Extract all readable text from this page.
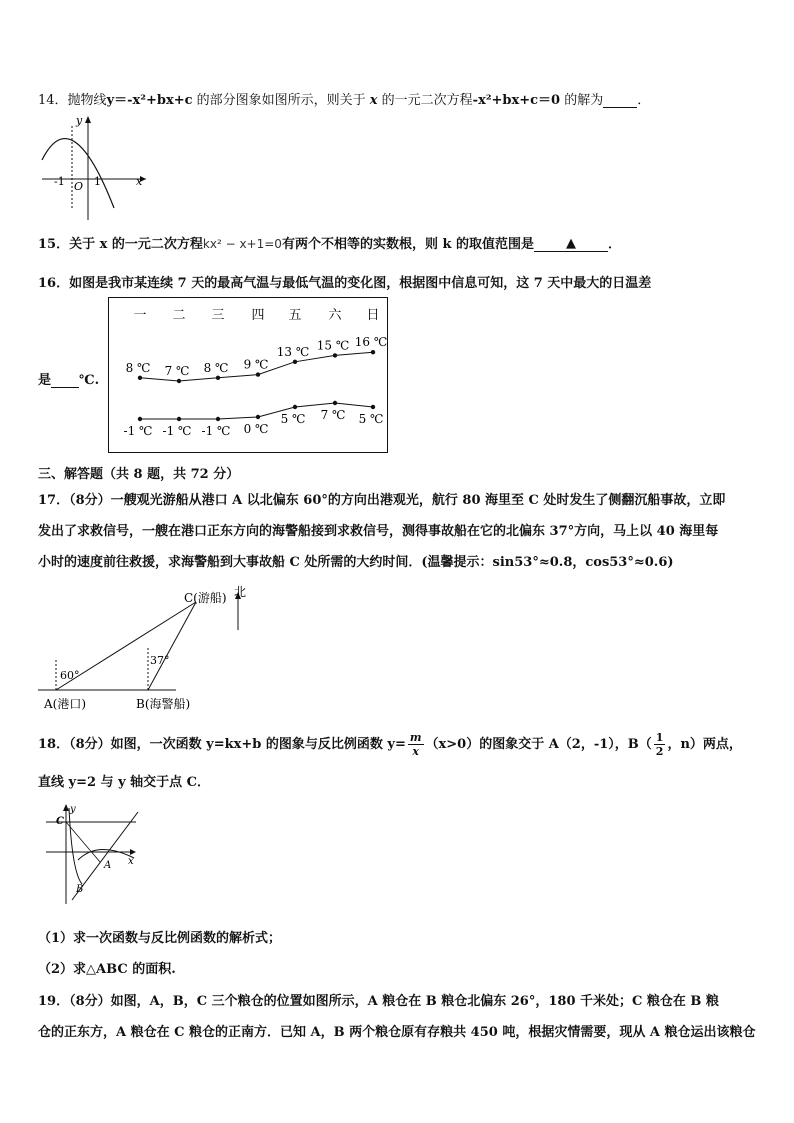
14．抛物线y＝-x²+bx+c 的部分图象如图所示，则关于 x 的一元二次方程-x²+bx+c＝0 的解为	．
y
x
-1 O 1
15．关于 x 的一元二次方程kx² − x+1=0有两个不相等的实数根，则 k 的取值范围是 ▲ ．
16．如图是我市某连续 7 天的最高气温与最低气温的变化图，根据图中信息可知，这 7 天中最大的日温差
是 ℃.
一 二 三 四 五 六 日
8 ℃ 7 ℃ 8 ℃ 9 ℃
13 ℃ 15 ℃ 16 ℃
-1 ℃ -1 ℃ -1 ℃ 0 ℃
5 ℃ 7 ℃ 5 ℃
三、解答题（共 8 题，共 72 分）
17．（8分）一艘观光游船从港口 A 以北偏东 60°的方向出港观光，航行 80 海里至 C 处时发生了侧翻沉船事故，立即
发出了求救信号，一艘在港口正东方向的海警船接到求救信号，测得事故船在它的北偏东 37°方向，马上以 40 海里每
小时的速度前往救援，求海警船到大事故船 C 处所需的大约时间．(温馨提示：sin53°≈0.8，cos53°≈0.6)
C(游船) 北
37°
60°
A(港口)	B(海警船)
18．（8分）如图，一次函数 y=kx+b 的图象与反比例函数 $y= \frac{m}{x} (x>0)$的图象交于 A（2，-1），$B( \frac{1}{2}$ ，n）两点，
直线 y=2 与 y 轴交于点 C．
y
x
C
A
B
（1）求一次函数与反比例函数的解析式；
（2）求△ABC 的面积.
19．（8分）如图，A，B，C 三个粮仓的位置如图所示，A 粮仓在 B 粮仓北偏东 26°，180 千米处；C 粮仓在 B 粮
仓的正东方，A 粮仓在 C 粮仓的正南方．已知 A，B 两个粮仓原有存粮共 450 吨，根据灾情需要，现从 A 粮仓运出该粮仓
